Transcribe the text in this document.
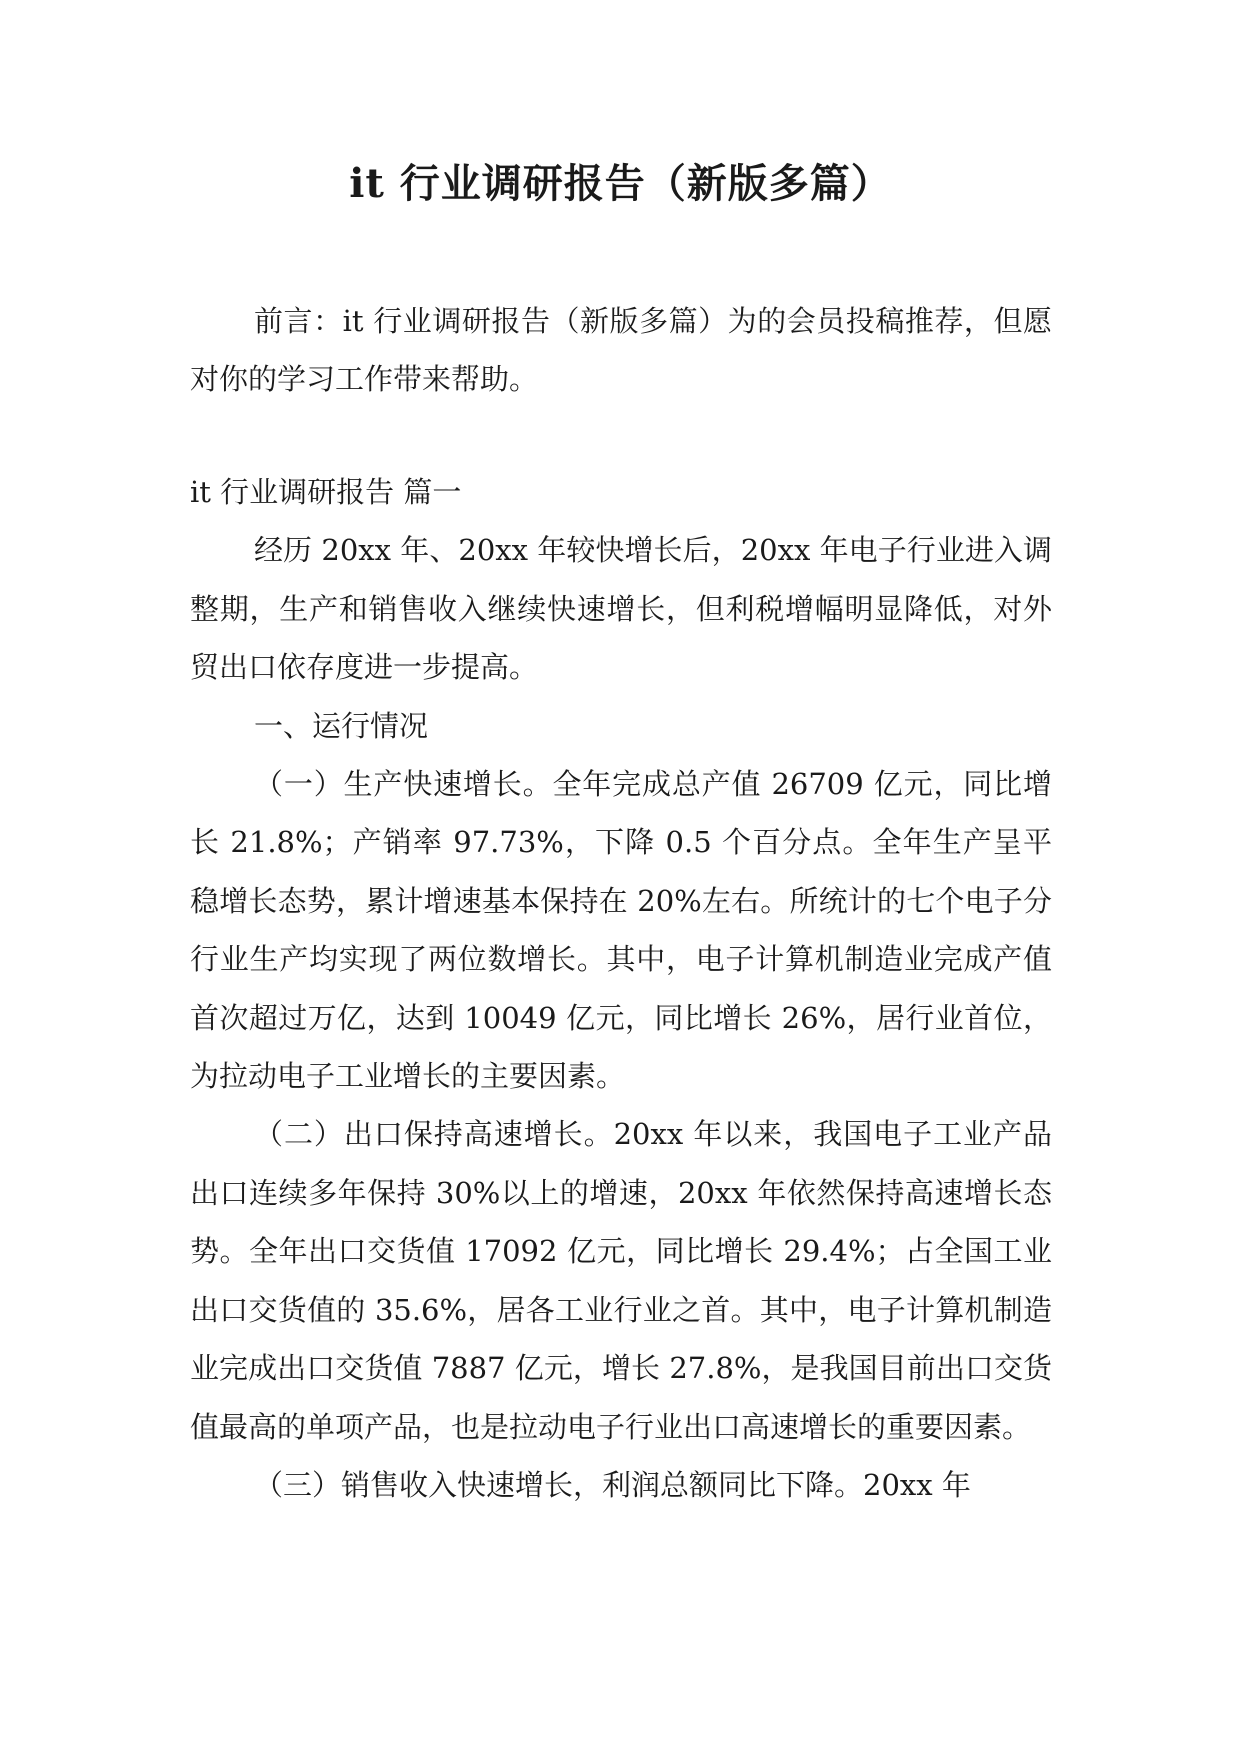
it 行业调研报告（新版多篇）
前言：it 行业调研报告（新版多篇）为的会员投稿推荐，但愿对你的学习工作带来帮助。

it 行业调研报告 篇一

经历 20xx 年、20xx 年较快增长后，20xx 年电子行业进入调整期，生产和销售收入继续快速增长，但利税增幅明显降低，对外贸出口依存度进一步提高。

一、运行情况

（一）生产快速增长。全年完成总产值 26709 亿元，同比增长 21.8%；产销率 97.73%，下降 0.5 个百分点。全年生产呈平稳增长态势，累计增速基本保持在 20%左右。所统计的七个电子分行业生产均实现了两位数增长。其中，电子计算机制造业完成产值首次超过万亿，达到 10049 亿元，同比增长 26%，居行业首位，为拉动电子工业增长的主要因素。

（二）出口保持高速增长。20xx 年以来，我国电子工业产品出口连续多年保持 30%以上的增速，20xx 年依然保持高速增长态势。全年出口交货值 17092 亿元，同比增长 29.4%；占全国工业出口交货值的 35.6%，居各工业行业之首。其中，电子计算机制造业完成出口交货值 7887 亿元，增长 27.8%，是我国目前出口交货值最高的单项产品，也是拉动电子行业出口高速增长的重要因素。

（三）销售收入快速增长，利润总额同比下降。20xx 年
